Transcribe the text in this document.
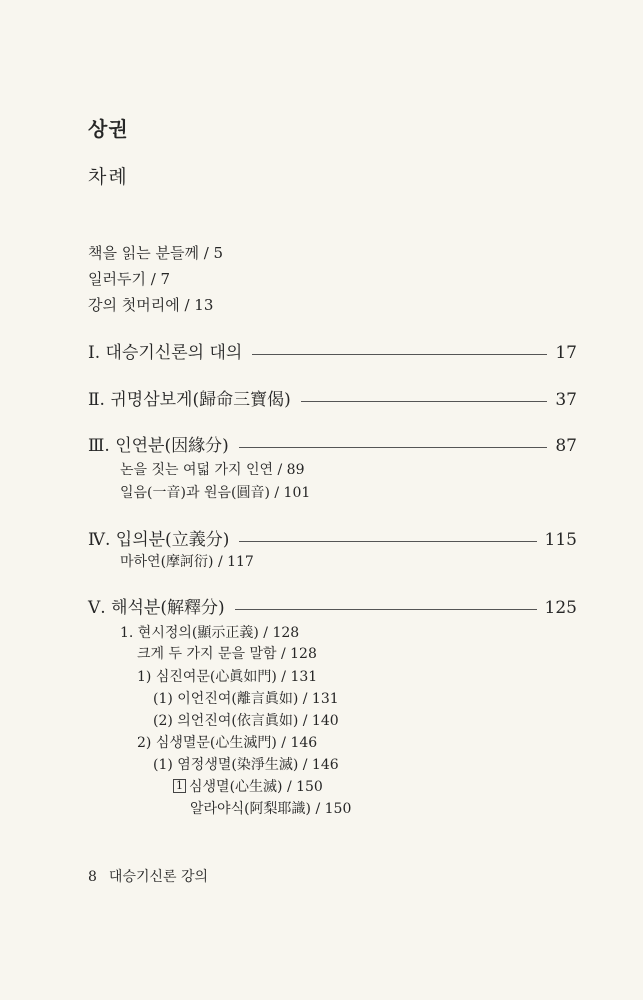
상권
차례
책을 읽는 분들께 / 5
일러두기 / 7
강의 첫머리에 / 13
Ⅰ. 대승기신론의 대의	17
Ⅱ. 귀명삼보게(歸命三寶偈)	37
Ⅲ. 인연분(因緣分)	87
논을 짓는 여덟 가지 인연 / 89
일음(一音)과 원음(圓音) / 101
Ⅳ. 입의분(立義分)	115
마하연(摩訶衍) / 117
Ⅴ. 해석분(解釋分)	125
1. 현시정의(顯示正義) / 128
크게 두 가지 문을 말함 / 128
1) 심진여문(心眞如門) / 131
(1) 이언진여(離言眞如) / 131
(2) 의언진여(依言眞如) / 140
2) 심생멸문(心生滅門) / 146
(1) 염정생멸(染淨生滅) / 146
1 심생멸(心生滅) / 150
알라야식(阿梨耶識) / 150
8 대승기신론 강의
